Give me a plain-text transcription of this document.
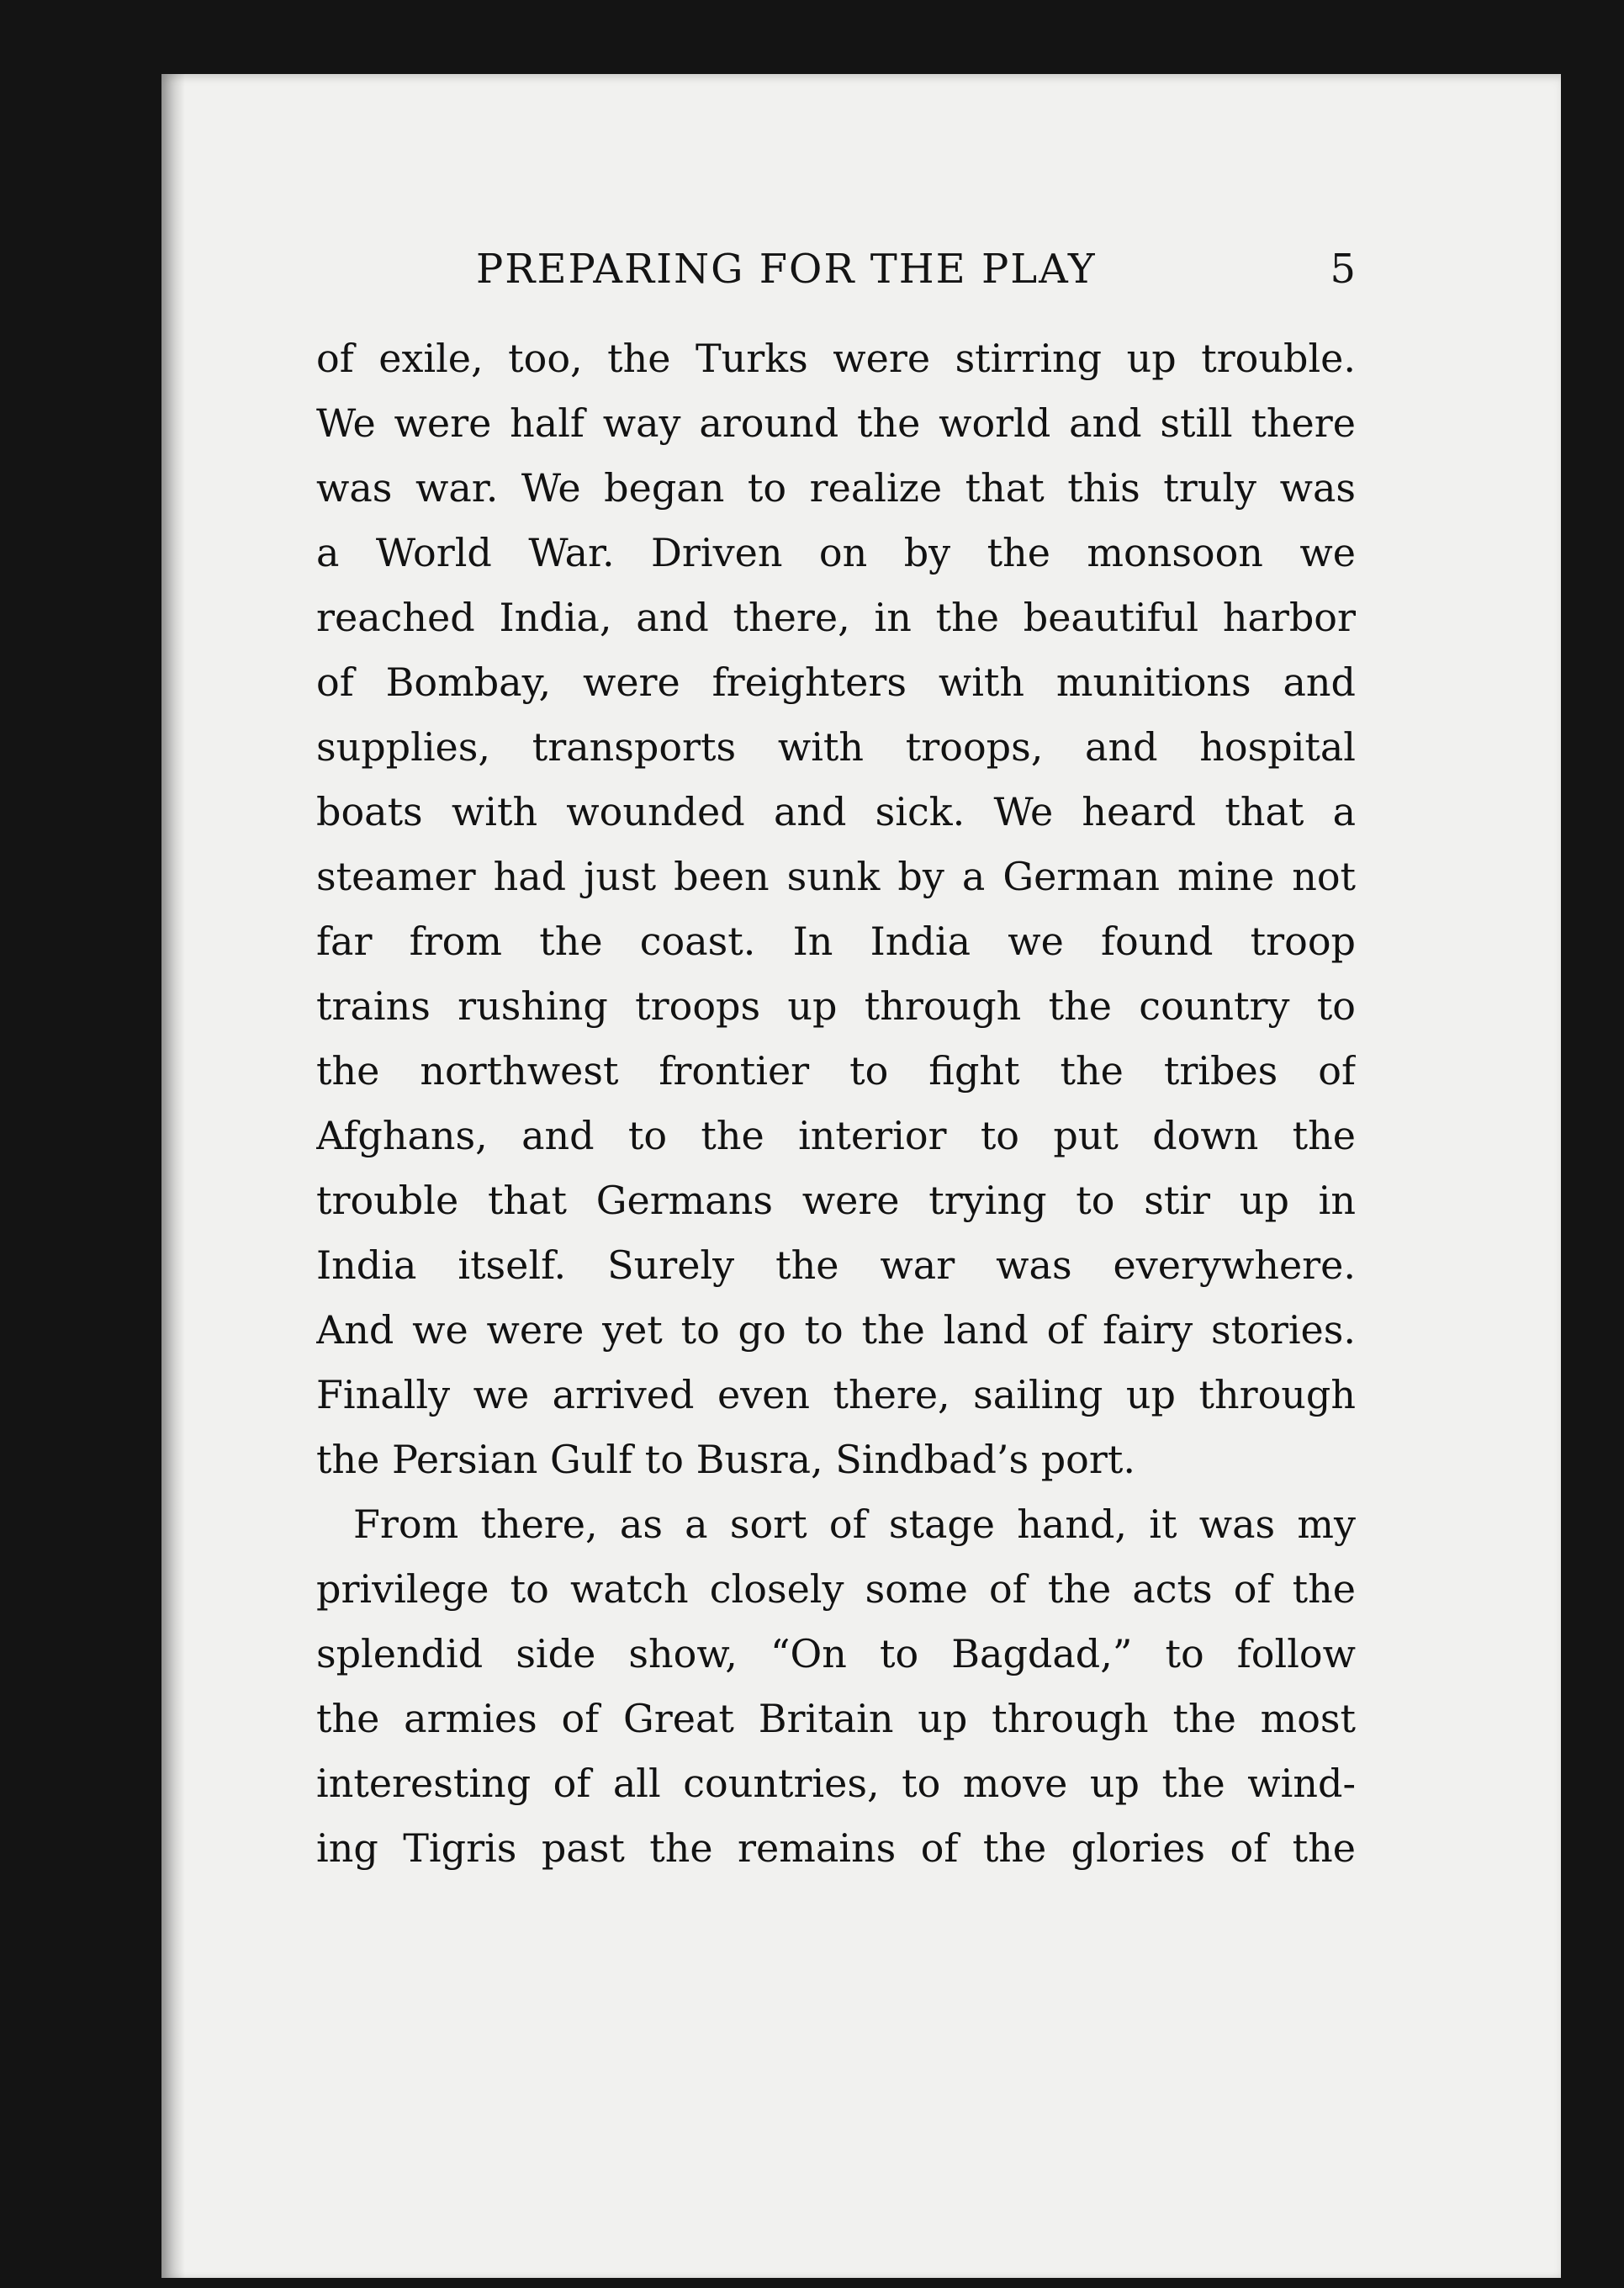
PREPARING FOR THE PLAY	5
of exile, too, the Turks were stirring up trouble.
We were half way around the world and still there
was war. We began to realize that this truly was
a World War. Driven on by the monsoon we
reached India, and there, in the beautiful harbor
of Bombay, were freighters with munitions and
supplies, transports with troops, and hospital
boats with wounded and sick. We heard that a
steamer had just been sunk by a German mine not
far from the coast. In India we found troop
trains rushing troops up through the country to
the northwest frontier to fight the tribes of
Afghans, and to the interior to put down the
trouble that Germans were trying to stir up in
India itself. Surely the war was everywhere.
And we were yet to go to the land of fairy stories.
Finally we arrived even there, sailing up through
the Persian Gulf to Busra, Sindbad’s port.
From there, as a sort of stage hand, it was my
privilege to watch closely some of the acts of the
splendid side show, “On to Bagdad,” to follow
the armies of Great Britain up through the most
interesting of all countries, to move up the wind-
ing Tigris past the remains of the glories of the
